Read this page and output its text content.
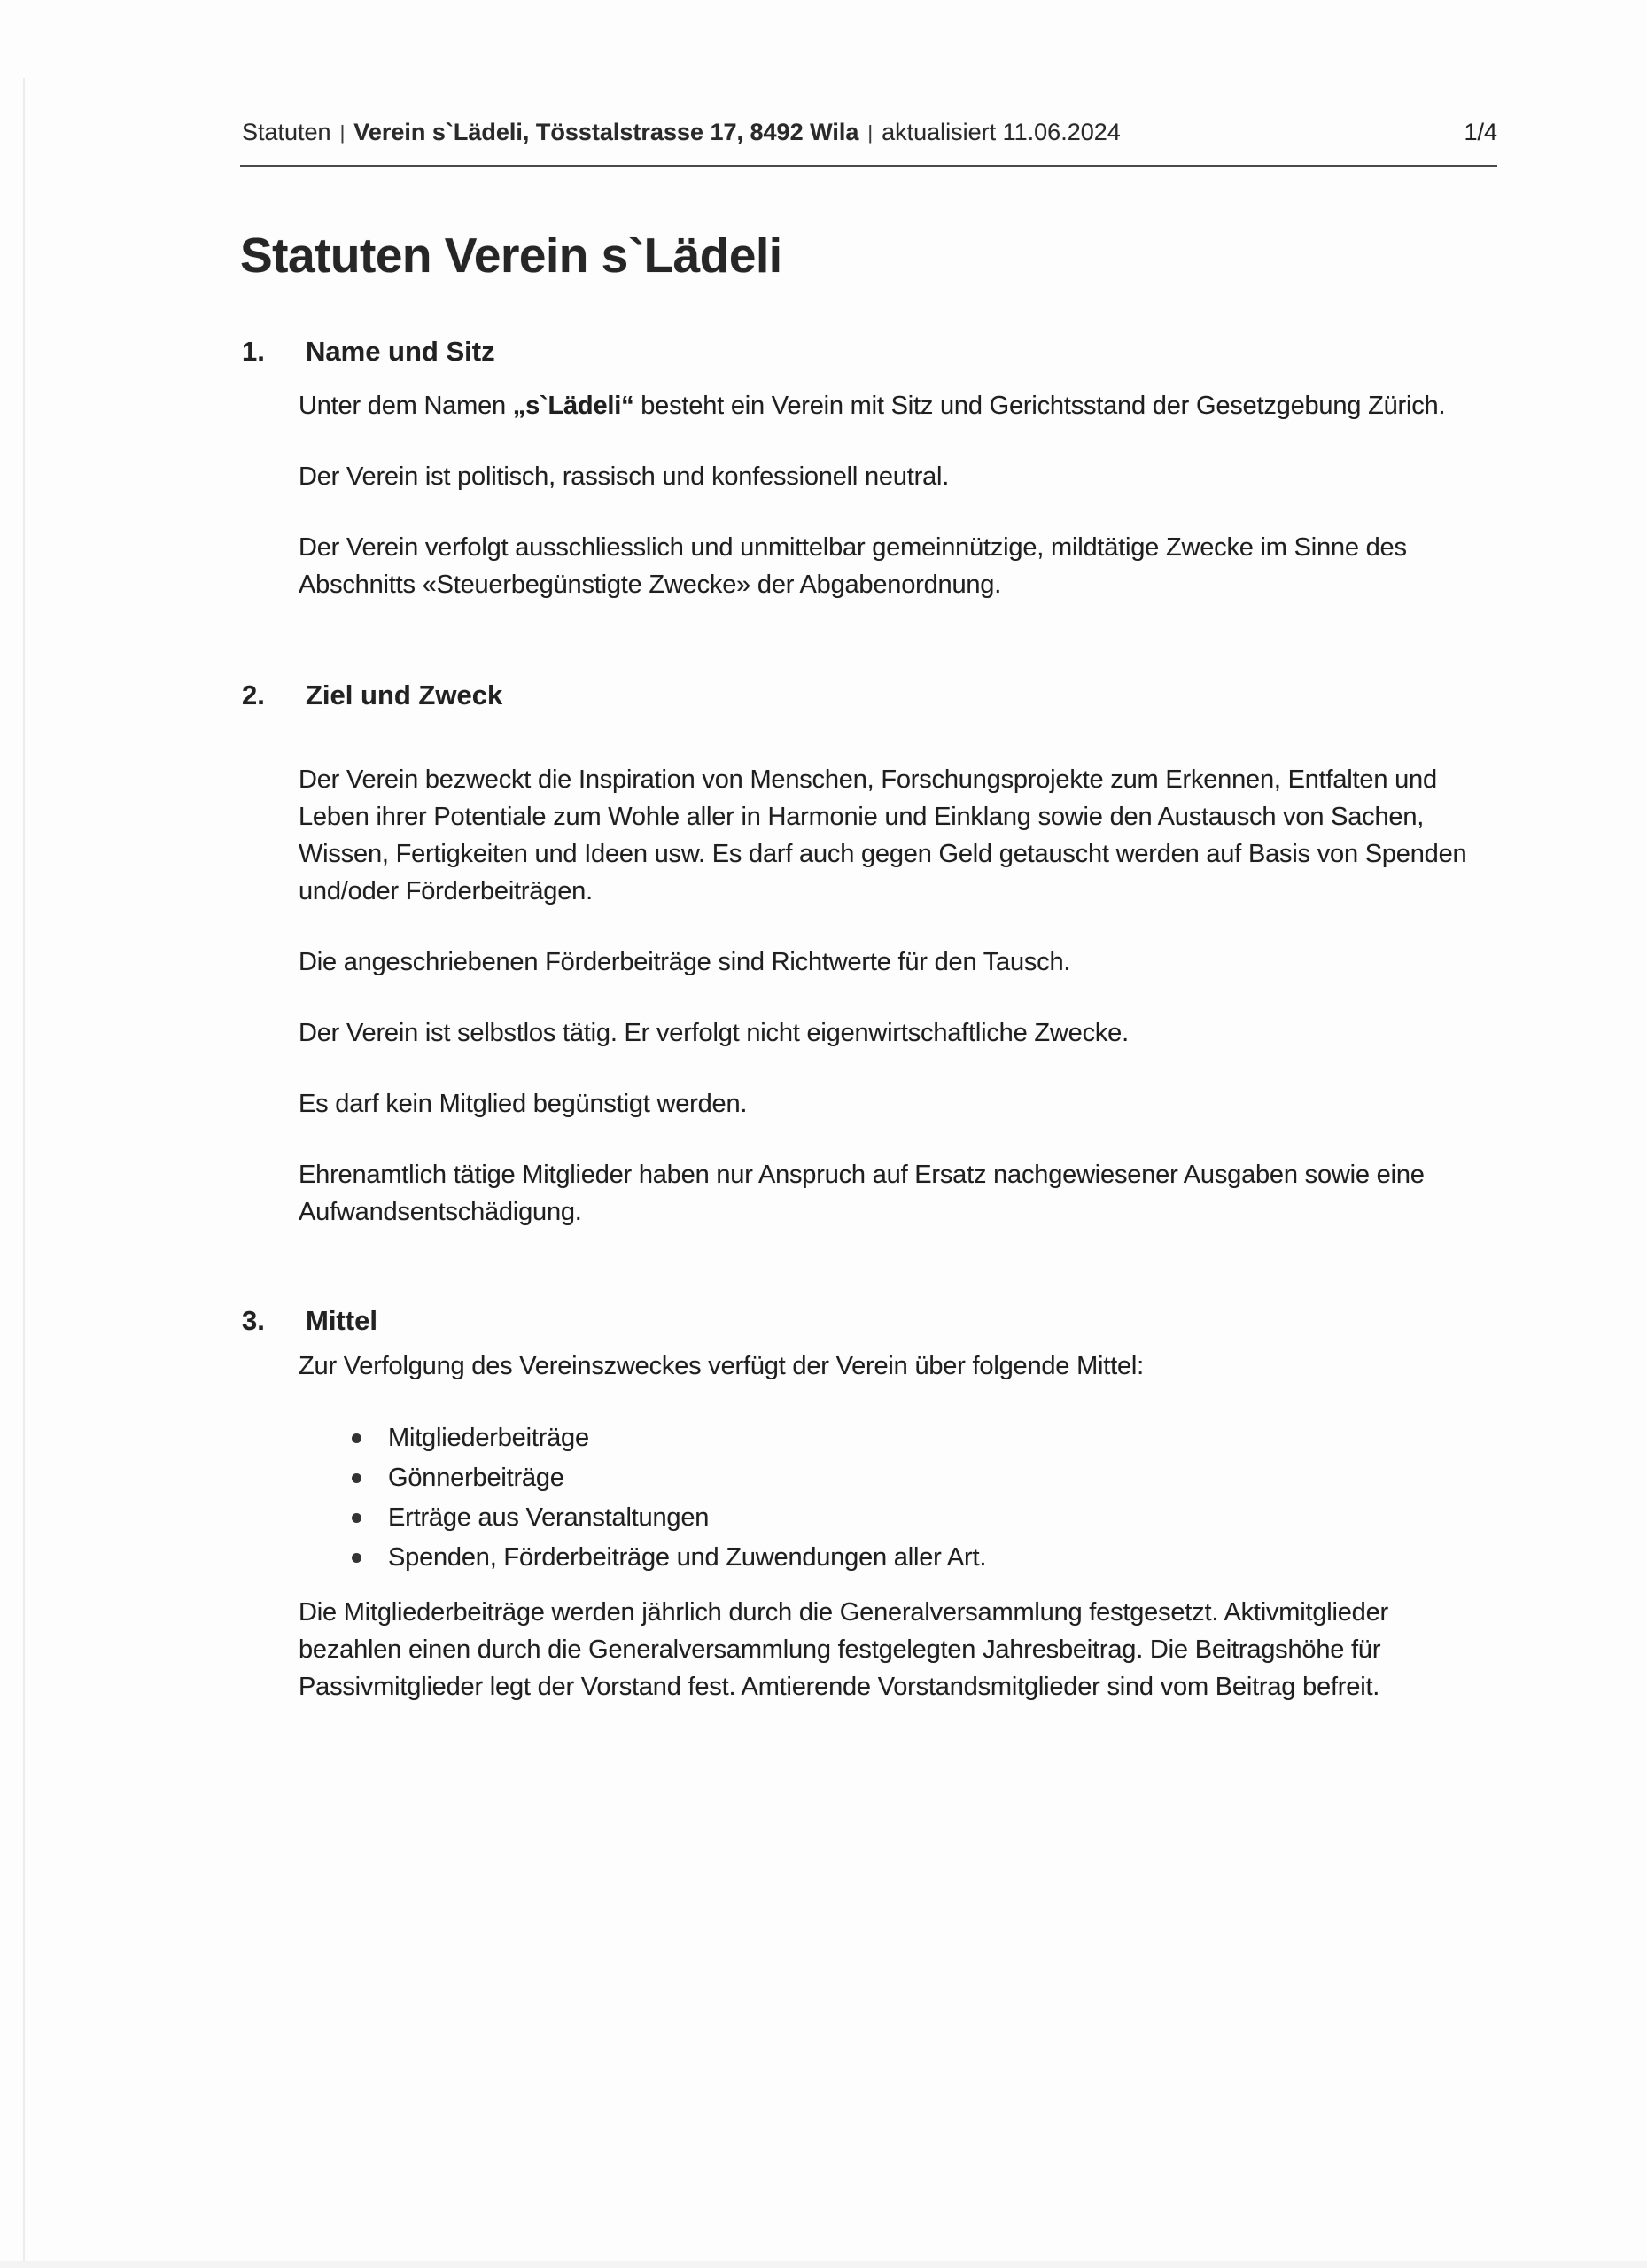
Statuten | Verein s`Lädeli, Tösstalstrasse 17, 8492 Wila | aktualisiert 11.06.2024	1/4
Statuten Verein s`Lädeli
1.	Name und Sitz

Unter dem Namen „s`Lädeli“ besteht ein Verein mit Sitz und Gerichtsstand der Gesetzgebung Zürich.

Der Verein ist politisch, rassisch und konfessionell neutral.

Der Verein verfolgt ausschliesslich und unmittelbar gemeinnützige, mildtätige Zwecke im Sinne des Abschnitts «Steuerbegünstigte Zwecke» der Abgabenordnung.

2.	Ziel und Zweck

Der Verein bezweckt die Inspiration von Menschen, Forschungsprojekte zum Erkennen, Entfalten und Leben ihrer Potentiale zum Wohle aller in Harmonie und Einklang sowie den Austausch von Sachen, Wissen, Fertigkeiten und Ideen usw. Es darf auch gegen Geld getauscht werden auf Basis von Spenden und/oder Förderbeiträgen.

Die angeschriebenen Förderbeiträge sind Richtwerte für den Tausch.

Der Verein ist selbstlos tätig. Er verfolgt nicht eigenwirtschaftliche Zwecke.

Es darf kein Mitglied begünstigt werden.

Ehrenamtlich tätige Mitglieder haben nur Anspruch auf Ersatz nachgewiesener Ausgaben sowie eine Aufwandsentschädigung.

3.	Mittel

Zur Verfolgung des Vereinszweckes verfügt der Verein über folgende Mittel:

Mitgliederbeiträge
Gönnerbeiträge
Erträge aus Veranstaltungen
Spenden, Förderbeiträge und Zuwendungen aller Art.

Die Mitgliederbeiträge werden jährlich durch die Generalversammlung festgesetzt. Aktivmitglieder bezahlen einen durch die Generalversammlung festgelegten Jahresbeitrag. Die Beitragshöhe für Passivmitglieder legt der Vorstand fest. Amtierende Vorstandsmitglieder sind vom Beitrag befreit.
